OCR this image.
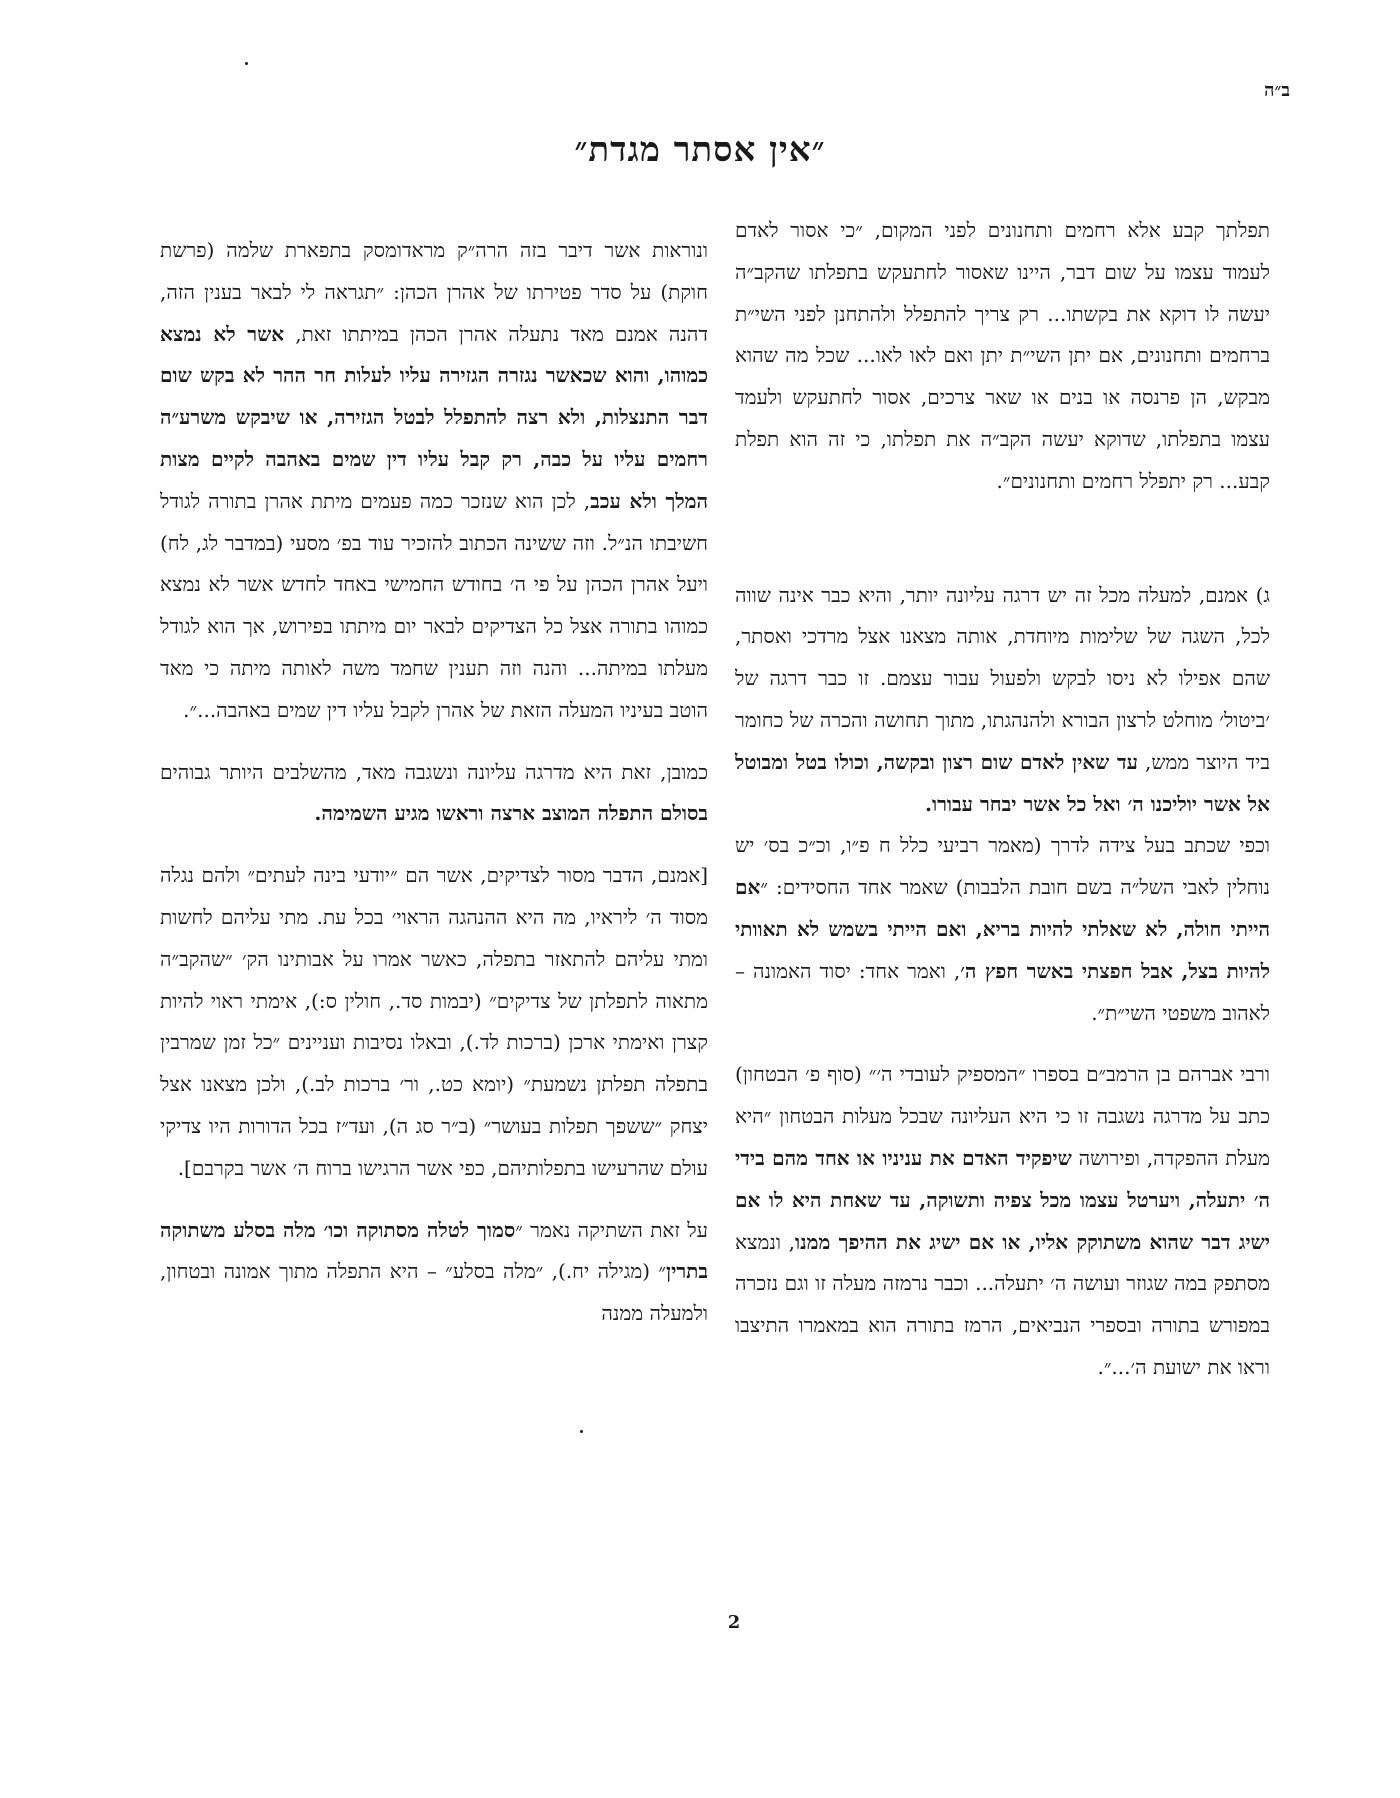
ב״ה
״אין אסתר מגדת״

תפלתך קבע אלא רחמים ותחנונים לפני המקום, ״כי אסור לאדם לעמוד עצמו על שום דבר, היינו שאסור לחתעקש בתפלתו שהקב״ה יעשה לו דוקא את בקשתו... רק צריך להתפלל ולהתחנן לפני השי״ת ברחמים ותחנונים, אם יתן השי״ת יתן ואם לאו לאו... שכל מה שהוא מבקש, הן פרנסה או בנים או שאר צרכים, אסור לחתעקש ולעמד עצמו בתפלתו, שדוקא יעשה הקב״ה את תפלתו, כי זה הוא תפלת קבע... רק יתפלל רחמים ותחנונים״.

ג) אמנם, למעלה מכל זה יש דרגה עליונה יותר, והיא כבר אינה שווה לכל, השגה של שלימות מיוחדת, אותה מצאנו אצל מרדכי ואסתר, שהם אפילו לא ניסו לבקש ולפעול עבור עצמם. זו כבר דרגה של ׳ביטול׳ מוחלט לרצון הבורא ולהנהגתו, מתוך תחושה והכרה של כחומר ביד היוצר ממש, עד שאין לאדם שום רצון ובקשה, וכולו בטל ומבוטל אל אשר יוליכנו ה׳ ואל כל אשר יבחר עבורו.

וכפי שכתב בעל צידה לדרך (מאמר רביעי כלל ח פ״ו, וכ״כ בס׳ יש נוחלין לאבי השל״ה בשם חובת הלבבות) שאמר אחד החסידים: ״אם הייתי חולה, לא שאלתי להיות בריא, ואם הייתי בשמש לא תאוותי להיות בצל, אבל חפצתי באשר חפץ ה׳, ואמר אחד: יסוד האמונה – לאהוב משפטי השי״ת״.

ורבי אברהם בן הרמב״ם בספרו ״המספיק לעובדי ה׳״ (סוף פ׳ הבטחון) כתב על מדרגה נשגבה זו כי היא העליונה שבכל מעלות הבטחון ״היא מעלת ההפקדה, ופירושה שיפקיד האדם את עניניו או אחד מהם בידי ה׳ יתעלה, ויערטל עצמו מכל צפיה ותשוקה, עד שאחת היא לו אם ישיג דבר שהוא משתוקק אליו, או אם ישיג את ההיפך ממנו, ונמצא מסתפק במה שגוזר ועושה ה׳ יתעלה... וכבר נרמזה מעלה זו וגם נזכרה במפורש בתורה ובספרי הנביאים, הרמז בתורה הוא במאמרו התיצבו וראו את ישועת ה׳...״.

ונוראות אשר דיבר בזה הרה״ק מראדומסק בתפארת שלמה (פרשת חוקת) על סדר פטירתו של אהרן הכהן: ״תגראה לי לבאר בענין הזה, דהנה אמנם מאד נתעלה אהרן הכהן במיתתו זאת, אשר לא נמצא כמוהו, והוא שכאשר נגזרה הגזירה עליו לעלות חר ההר לא בקש שום דבר התנצלות, ולא רצה להתפלל לבטל הגזירה, או שיבקש משרע״ה רחמים עליו על כבה, רק קבל עליו דין שמים באהבה לקיים מצות המלך ולא עכב, לכן הוא שנזכר כמה פעמים מיתת אהרן בתורה לגודל חשיבתו הנ״ל. וזה ששינה הכתוב להזכיר עוד בפ׳ מסעי (במדבר לג, לח) ויעל אהרן הכהן על פי ה׳ בחודש החמישי באחד לחדש אשר לא נמצא כמוהו בתורה אצל כל הצדיקים לבאר יום מיתתו בפירוש, אך הוא לגודל מעלתו במיתה... והנה וזה תענין שחמד משה לאותה מיתה כי מאד הוטב בעיניו המעלה הזאת של אהרן לקבל עליו דין שמים באהבה...״.

כמובן, זאת היא מדרגה עליונה ונשגבה מאד, מהשלבים היותר גבוהים בסולם התפלה המוצב ארצה וראשו מגיע השמימה.

[אמנם, הדבר מסור לצדיקים, אשר הם ״יודעי בינה לעתים״ ולהם נגלה מסוד ה׳ ליראיו, מה היא ההנהגה הראוי׳ בכל עת. מתי עליהם לחשות ומתי עליהם להתאזר בתפלה, כאשר אמרו על אבותינו הק׳ ״שהקב״ה מתאוה לתפלתן של צדיקים״ (יבמות סד., חולין ס:), אימתי ראוי להיות קצרן ואימתי ארכן (ברכות לד.), ובאלו נסיבות ועניינים ״כל זמן שמרבין בתפלה תפלתן נשמעת״ (יומא כט., ור׳ ברכות לב.), ולכן מצאנו אצל יצחק ״ששפך תפלות בעושר״ (ב״ר סג ה), ועד״ז בכל הדורות היו צדיקי עולם שהרעישו בתפלותיהם, כפי אשר הרגישו ברוח ה׳ אשר בקרבם].

על זאת השתיקה נאמר ״סמוך לטלה מסתוקה וכו׳ מלה בסלע משתוקה בתרין״ (מגילה יח.), ״מלה בסלע״ – היא התפלה מתוך אמונה ובטחון, ולמעלה ממנה

2
